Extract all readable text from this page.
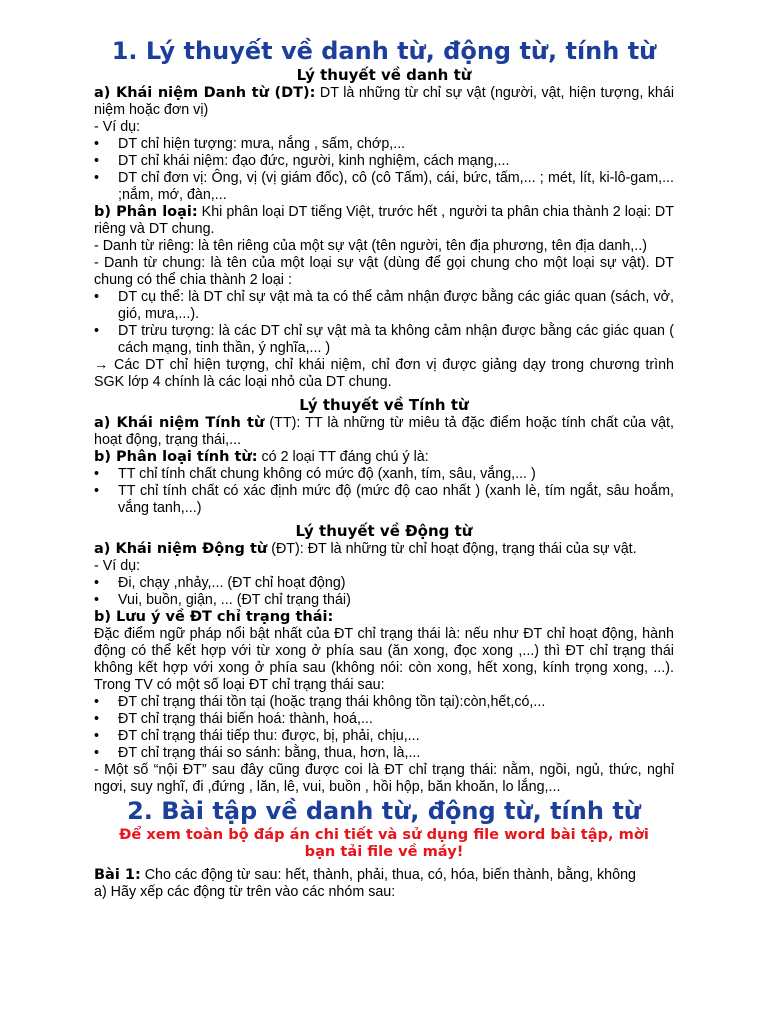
1. Lý thuyết về danh từ, động từ, tính từ
Lý thuyết về danh từ

a) Khái niệm Danh từ (DT): DT là những từ chỉ sự vật (người, vật, hiện tượng, khái niệm hoặc đơn vị)

- Ví dụ:

• DT chỉ hiện tượng: mưa, nắng , sấm, chớp,...
• DT chỉ khái niệm: đạo đức, người, kinh nghiệm, cách mạng,...
• DT chỉ đơn vị: Ông, vị (vị giám đốc), cô (cô Tấm), cái, bức, tấm,... ; mét, lít, ki-lô-gam,... ;nắm, mớ, đàn,...

b) Phân loại: Khi phân loại DT tiếng Việt, trước hết , người ta phân chia thành 2 loại: DT riêng và DT chung.

- Danh từ riêng: là tên riêng của một sự vật (tên người, tên địa phương, tên địa danh,..)

- Danh từ chung: là tên của một loại sự vật (dùng để gọi chung cho một loại sự vật). DT chung có thể chia thành 2 loại :

• DT cụ thể: là DT chỉ sự vật mà ta có thể cảm nhận được bằng các giác quan (sách, vở, gió, mưa,...).
• DT trừu tượng: là các DT chỉ sự vật mà ta không cảm nhận được bằng các giác quan ( cách mạng, tinh thần, ý nghĩa,... )

→ Các DT chỉ hiện tượng, chỉ khái niệm, chỉ đơn vị được giảng dạy trong chương trình SGK lớp 4 chính là các loại nhỏ của DT chung.

Lý thuyết về Tính từ

a) Khái niệm Tính từ (TT): TT là những từ miêu tả đặc điểm hoặc tính chất của vật, hoạt động, trạng thái,...

b) Phân loại tính từ: có 2 loại TT đáng chú ý là:

• TT chỉ tính chất chung không có mức độ (xanh, tím, sâu, vắng,... )
• TT chỉ tính chất có xác định mức độ (mức độ cao nhất ) (xanh lè, tím ngắt, sâu hoắm, vắng tanh,...)
Lý thuyết về Động từ

a) Khái niệm Động từ (ĐT): ĐT là những từ chỉ hoạt động, trạng thái của sự vật.

- Ví dụ:

• Đi, chạy ,nhảy,... (ĐT chỉ hoạt động)
• Vui, buồn, giận, ... (ĐT chỉ trạng thái)

b) Lưu ý về ĐT chỉ trạng thái:

Đặc điểm ngữ pháp nổi bật nhất của ĐT chỉ trạng thái là: nếu như ĐT chỉ hoạt động, hành động có thể kết hợp với từ xong ở phía sau (ăn xong, đọc xong ,...) thì ĐT chỉ trạng thái không kết hợp với xong ở phía sau (không nói: còn xong, hết xong, kính trọng xong, ...). Trong TV có một số loại ĐT chỉ trạng thái sau:

• ĐT chỉ trạng thái tồn tại (hoặc trạng thái không tồn tại):còn,hết,có,...
• ĐT chỉ trạng thái biến hoá: thành, hoá,...
• ĐT chỉ trạng thái tiếp thu: được, bị, phải, chịu,...
• ĐT chỉ trạng thái so sánh: bằng, thua, hơn, là,...

- Một số “nội ĐT” sau đây cũng được coi là ĐT chỉ trạng thái: nằm, ngồi, ngủ, thức, nghỉ ngơi, suy nghĩ, đi ,đứng , lăn, lê, vui, buồn , hồi hộp, băn khoăn, lo lắng,...

2. Bài tập về danh từ, động từ, tính từ
Để xem toàn bộ đáp án chi tiết và sử dụng file word bài tập, mời bạn tải file về máy!

Bài 1: Cho các động từ sau: hết, thành, phải, thua, có, hóa, biến thành, bằng, không

a) Hãy xếp các động từ trên vào các nhóm sau:
